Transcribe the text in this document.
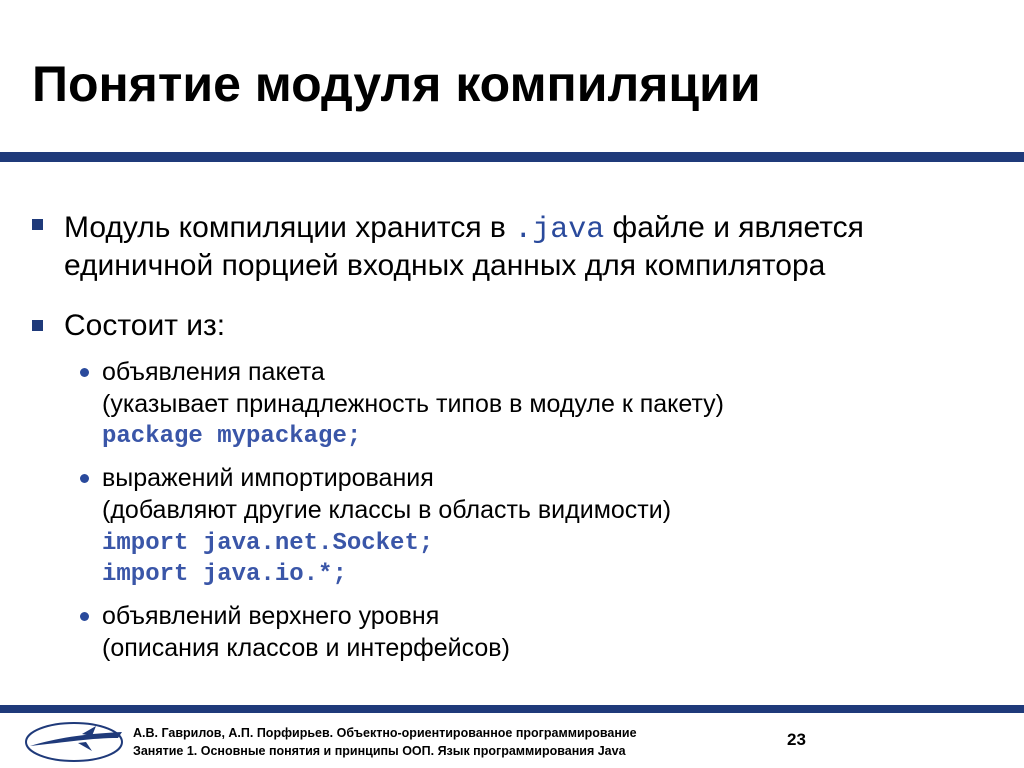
Понятие модуля компиляции
Модуль компиляции хранится в .java файле и является
единичной порцией входных данных для компилятора
Состоит из:
объявления пакета
(указывает принадлежность типов в модуле к пакету)
package mypackage;
выражений импортирования
(добавляют другие классы в область видимости)
import java.net.Socket;
import java.io.*;
объявлений верхнего уровня
(описания классов и интерфейсов)
А.В. Гаврилов, А.П. Порфирьев. Объектно-ориентированное программирование
Занятие 1. Основные понятия и принципы ООП. Язык программирования Java
23
